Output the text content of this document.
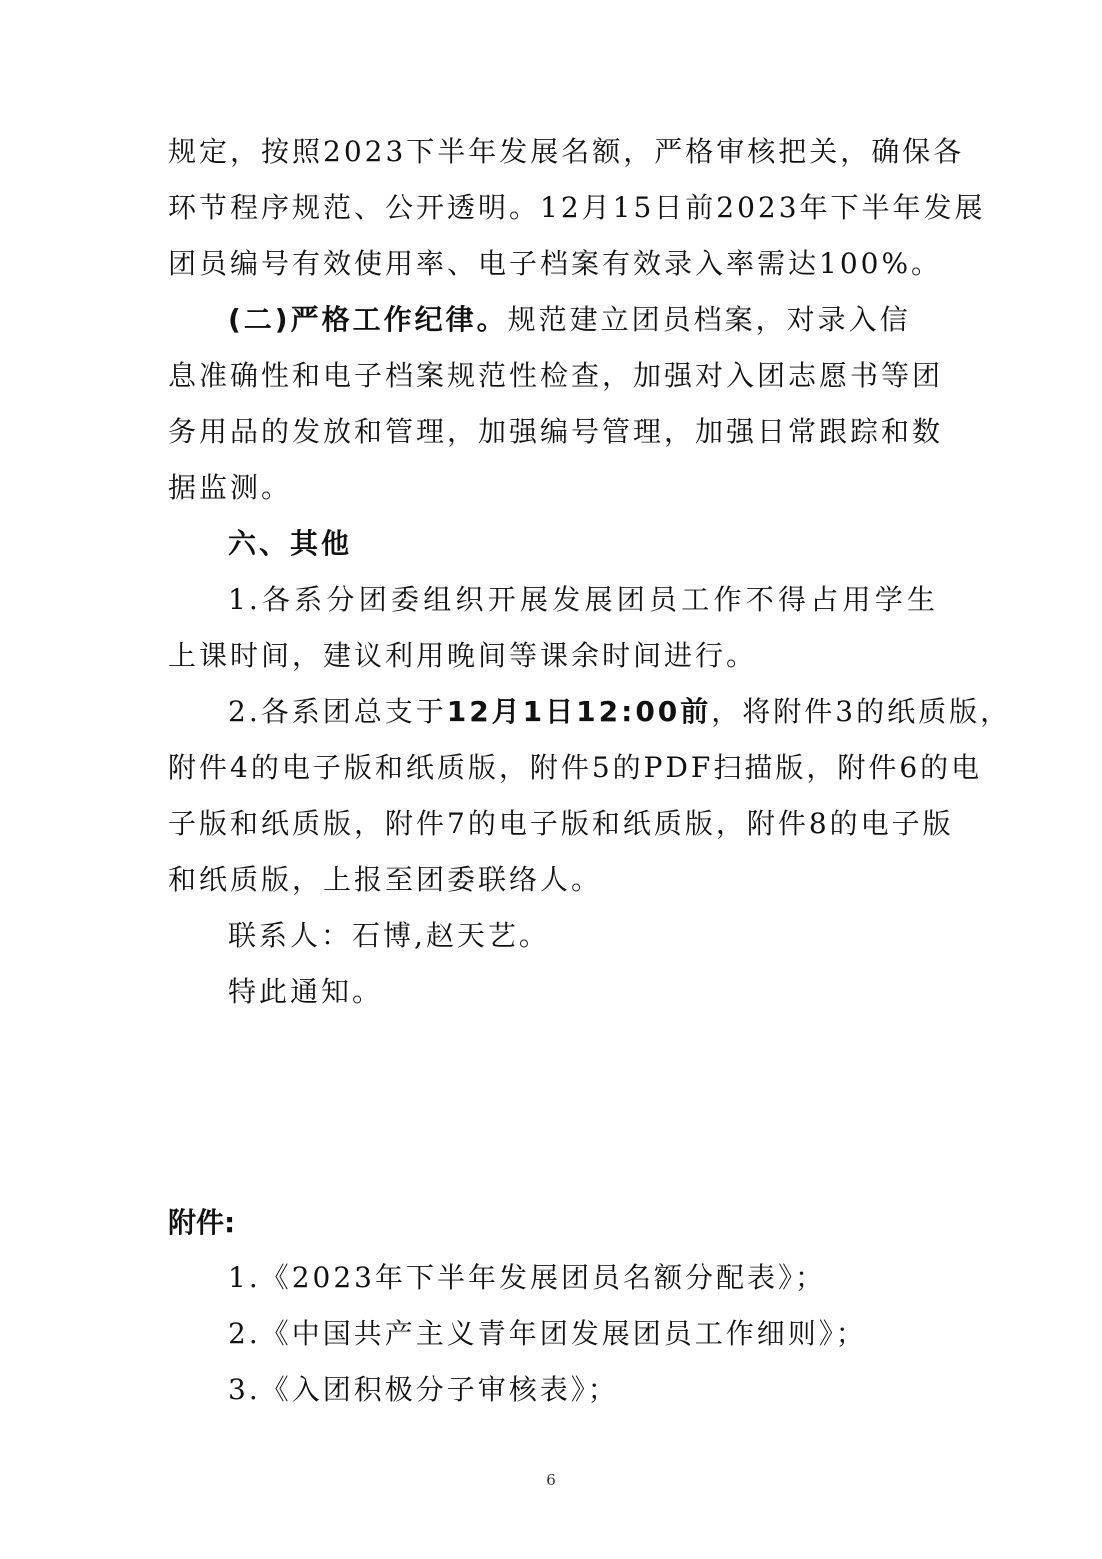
规定，按照2023下半年发展名额，严格审核把关，确保各
环节程序规范、公开透明。12月15日前2023年下半年发展
团员编号有效使用率、电子档案有效录入率需达100%。
(二)严格工作纪律。规范建立团员档案，对录入信
息准确性和电子档案规范性检查，加强对入团志愿书等团
务用品的发放和管理，加强编号管理，加强日常跟踪和数
据监测。
六、其他
1.各系分团委组织开展发展团员工作不得占用学生
上课时间，建议利用晚间等课余时间进行。
2.各系团总支于12月1日12:00前，将附件3的纸质版，
附件4的电子版和纸质版，附件5的PDF扫描版，附件6的电
子版和纸质版，附件7的电子版和纸质版，附件8的电子版
和纸质版，上报至团委联络人。
联系人：石博,赵天艺。
特此通知。
附件:
1.《2023年下半年发展团员名额分配表》；
2.《中国共产主义青年团发展团员工作细则》；
3.《入团积极分子审核表》；
6
